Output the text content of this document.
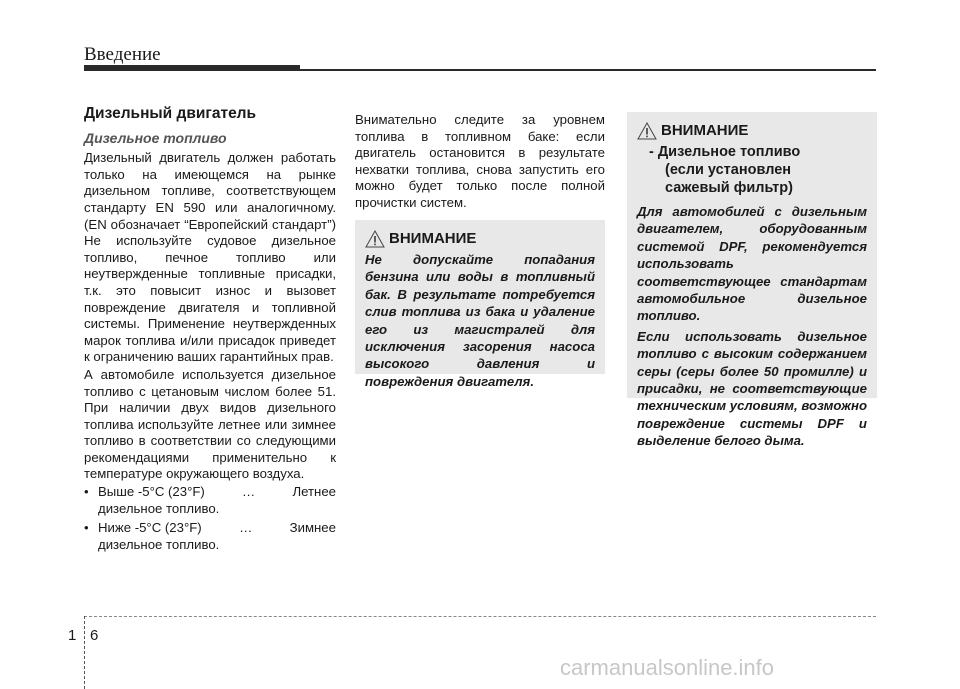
Введение
Дизельный двигатель
Дизельное топливо

Дизельный двигатель должен работать только на имеющемся на рынке дизельном топливе, соответствующем стандарту EN 590 или аналогичному. (EN обозначает “Европейский стандарт”) Не используйте судовое дизельное топливо, печное топливо или неутвержденные топливные присадки, т.к. это повысит износ и вызовет повреждение двигателя и топливной системы. Применение неутвержденных марок топлива и/или присадок приведет к ограничению ваших гарантийных прав.

А автомобиле используется дизельное топливо с цетановым числом более 51. При наличии двух видов дизельного топлива используйте летнее или зимнее топливо в соответствии со следующими рекомендациями применительно к температуре окружающего воздуха.

• Выше -5°C (23°F)	…	Летнее
дизельное топливо.
• Ниже -5°C (23°F)	…	Зимнее
дизельное топливо.

Внимательно следите за уровнем топлива в топливном баке: если двигатель остановится в результате нехватки топлива, снова запустить его можно будет только после полной прочистки систем.

ВНИМАНИЕ

Не допускайте попадания бензина или воды в топливный бак. В результате потребуется слив топлива из бака и удаление его из магистралей для исключения засорения насоса высокого давления и повреждения двигателя.

ВНИМАНИЕ
- Дизельное топливо
(если установлен
сажевый фильтр)

Для автомобилей с дизельным двигателем, оборудованным системой DPF, рекомендуется использовать соответствующее стандартам автомобильное дизельное топливо.

Если использовать дизельное топливо с высоким содержанием серы (серы более 50 промилле) и присадки, не соответствующие техническим условиям, возможно повреждение системы DPF и выделение белого дыма.

1 6
carmanualsonline.info
